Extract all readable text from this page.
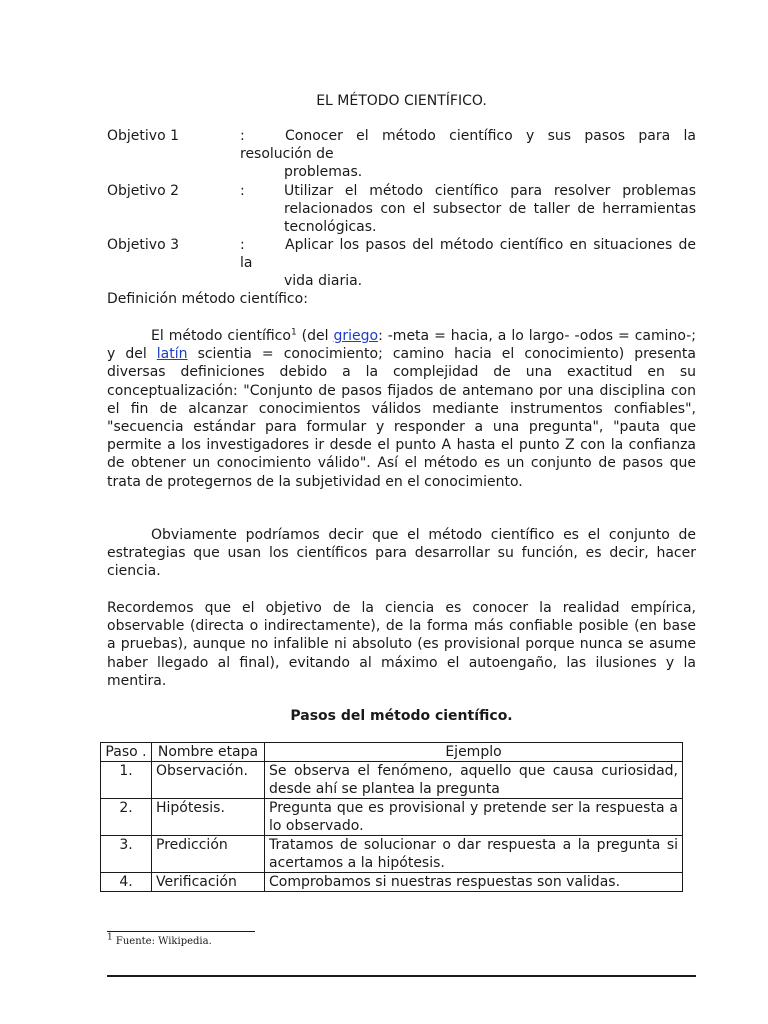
EL MÉTODO CIENTÍFICO.
Objetivo 1	:	Conocer el método científico y sus pasos para la resolución de
problemas.
Objetivo 2	:	Utilizar el método científico para resolver problemas relacionados con el subsector de taller de herramientas tecnológicas.
Objetivo 3	:	Aplicar los pasos del método científico en situaciones de la
vida diaria.
Definición método científico:
El método científico$^1$ (del griego: -meta = hacia, a lo largo- -odos = camino-; y del latín scientia = conocimiento; camino hacia el conocimiento) presenta diversas definiciones debido a la complejidad de una exactitud en su conceptualización: "Conjunto de pasos fijados de antemano por una disciplina con el fin de alcanzar conocimientos válidos mediante instrumentos confiables", "secuencia estándar para formular y responder a una pregunta", "pauta que permite a los investigadores ir desde el punto A hasta el punto Z con la confianza de obtener un conocimiento válido". Así el método es un conjunto de pasos que trata de protegernos de la subjetividad en el conocimiento.
Obviamente podríamos decir que el método científico es el conjunto de estrategias que usan los científicos para desarrollar su función, es decir, hacer ciencia.
Recordemos que el objetivo de la ciencia es conocer la realidad empírica, observable (directa o indirectamente), de la forma más confiable posible (en base a pruebas), aunque no infalible ni absoluto (es provisional porque nunca se asume haber llegado al final), evitando al máximo el autoengaño, las ilusiones y la mentira.
Pasos del método científico.
Paso .	Nombre etapa	Ejemplo
1.	Observación.	Se observa el fenómeno, aquello que causa curiosidad, desde ahí se plantea la pregunta
2.	Hipótesis.	Pregunta que es provisional y pretende ser la respuesta a lo observado.
3.	Predicción	Tratamos de solucionar o dar respuesta a la pregunta si acertamos a la hipótesis.
4.	Verificación	Comprobamos si nuestras respuestas son validas.
$^1$ Fuente: Wikipedia.
